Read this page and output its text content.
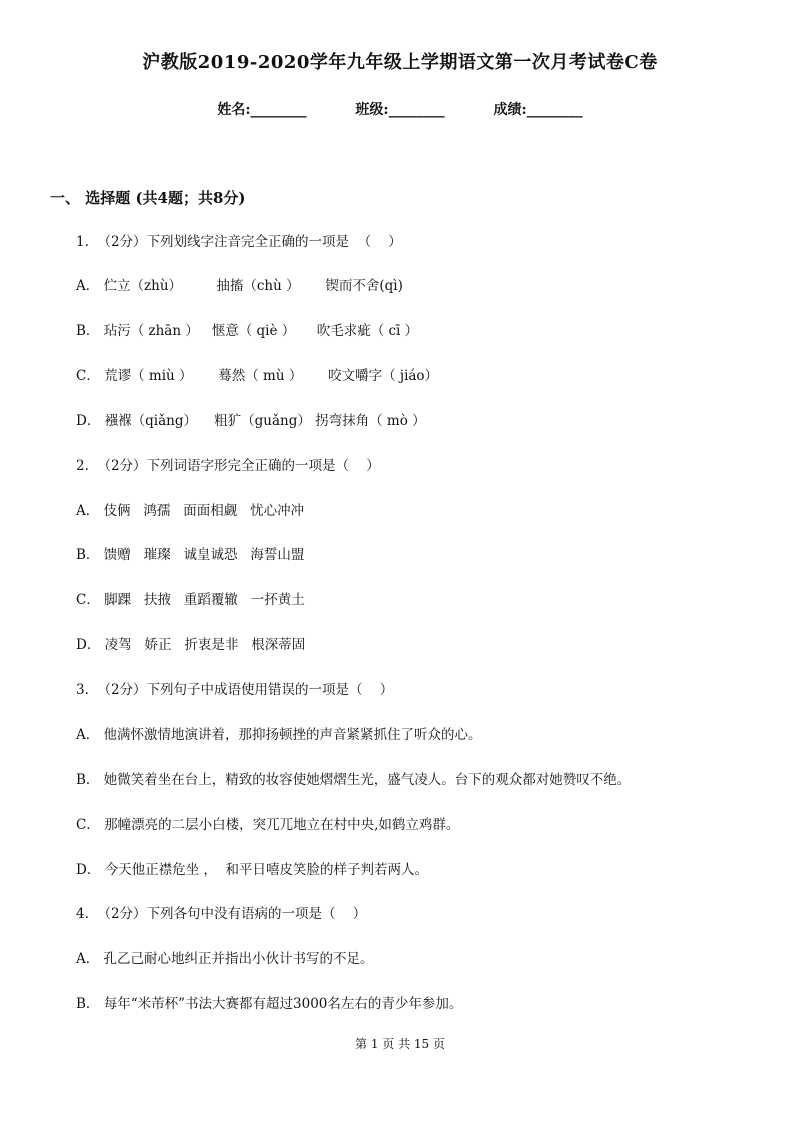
沪教版2019-2020学年九年级上学期语文第一次月考试卷C卷
姓名:________	班级:________	成绩:________
一、 选择题 (共4题；共8分)
1.  （2分）下列划线字注音完全正确的一项是  （    ）
A． 伫立（zhù）        抽搐（chù ）      锲而不舍(qì)
B． 玷污（ zhān ）   惬意（ qiè ）     吹毛求疵（ cī ）
C． 荒谬（ miù ）      蓦然（ mù ）      咬文嚼字（ jiáo）
D． 襁褓（qiǎng）    粗犷（guǎng） 拐弯抹角（ mò ）
2.  （2分）下列词语字形完全正确的一项是（    ）
A． 伎俩   鸿孺   面面相觑   忧心冲冲
B． 馈赠   璀璨   诚皇诚恐   海誓山盟
C． 脚踝   扶掖   重蹈覆辙   一抔黄土
D． 凌驾   娇正   折衷是非   根深蒂固
3.  （2分）下列句子中成语使用错误的一项是（    ）
A． 他满怀激情地演讲着，那抑扬顿挫的声音紧紧抓住了听众的心。
B． 她微笑着坐在台上，精致的妆容使她熠熠生光，盛气凌人。台下的观众都对她赞叹不绝。
C． 那幢漂亮的二层小白楼，突兀兀地立在村中央,如鹤立鸡群。
D． 今天他正襟危坐 ，  和平日嘻皮笑脸的样子判若两人。
4.  （2分）下列各句中没有语病的一项是（    ）
A． 孔乙己耐心地纠正并指出小伙计书写的不足。
B． 每年“米芾杯”书法大赛都有超过3000名左右的青少年参加。
第 1 页 共 15 页
